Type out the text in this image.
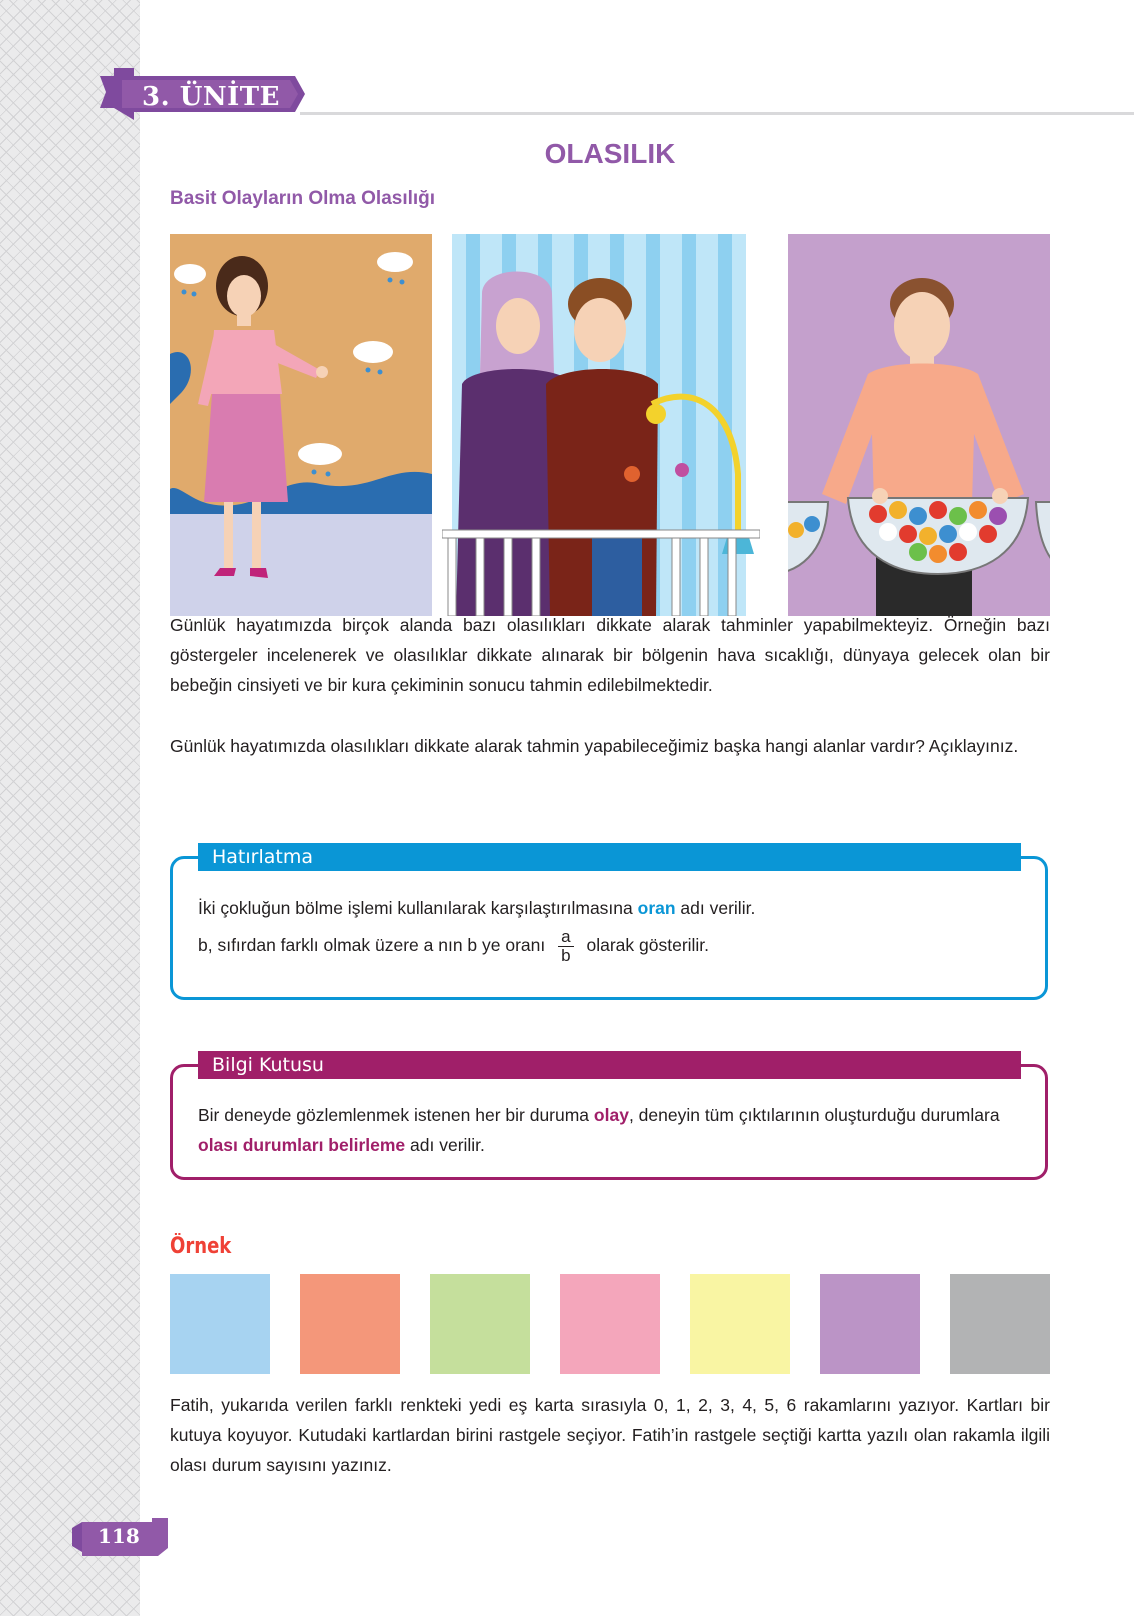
3. ÜNİTE
OLASILIK
Basit Olayların Olma Olasılığı

Günlük hayatımızda birçok alanda bazı olasılıkları dikkate alarak tahminler yapabilmekteyiz. Örneğin bazı göstergeler incelenerek ve olasılıklar dikkate alınarak bir bölgenin hava sıcaklığı, dünyaya gelecek olan bir bebeğin cinsiyeti ve bir kura çekiminin sonucu tahmin edilebilmektedir.

Günlük hayatımızda olasılıkları dikkate alarak tahmin yapabileceğimiz başka hangi alanlar vardır? Açıklayınız.

Hatırlatma
İki çokluğun bölme işlemi kullanılarak karşılaştırılmasına oran adı verilir.
b, sıfırdan farklı olmak üzere a nın b ye oranı $\frac{a}{b}$ olarak gösterilir.
Bilgi Kutusu
Bir deneyde gözlemlenmek istenen her bir duruma olay, deneyin tüm çıktılarının oluşturduğu durumlara olası durumları belirleme adı verilir.
Örnek

Fatih, yukarıda verilen farklı renkteki yedi eş karta sırasıyla 0, 1, 2, 3, 4, 5, 6 rakamlarını yazıyor. Kartları bir kutuya koyuyor. Kutudaki kartlardan birini rastgele seçiyor. Fatih’in rastgele seçtiği kartta yazılı olan rakamla ilgili olası durum sayısını yazınız.

118
